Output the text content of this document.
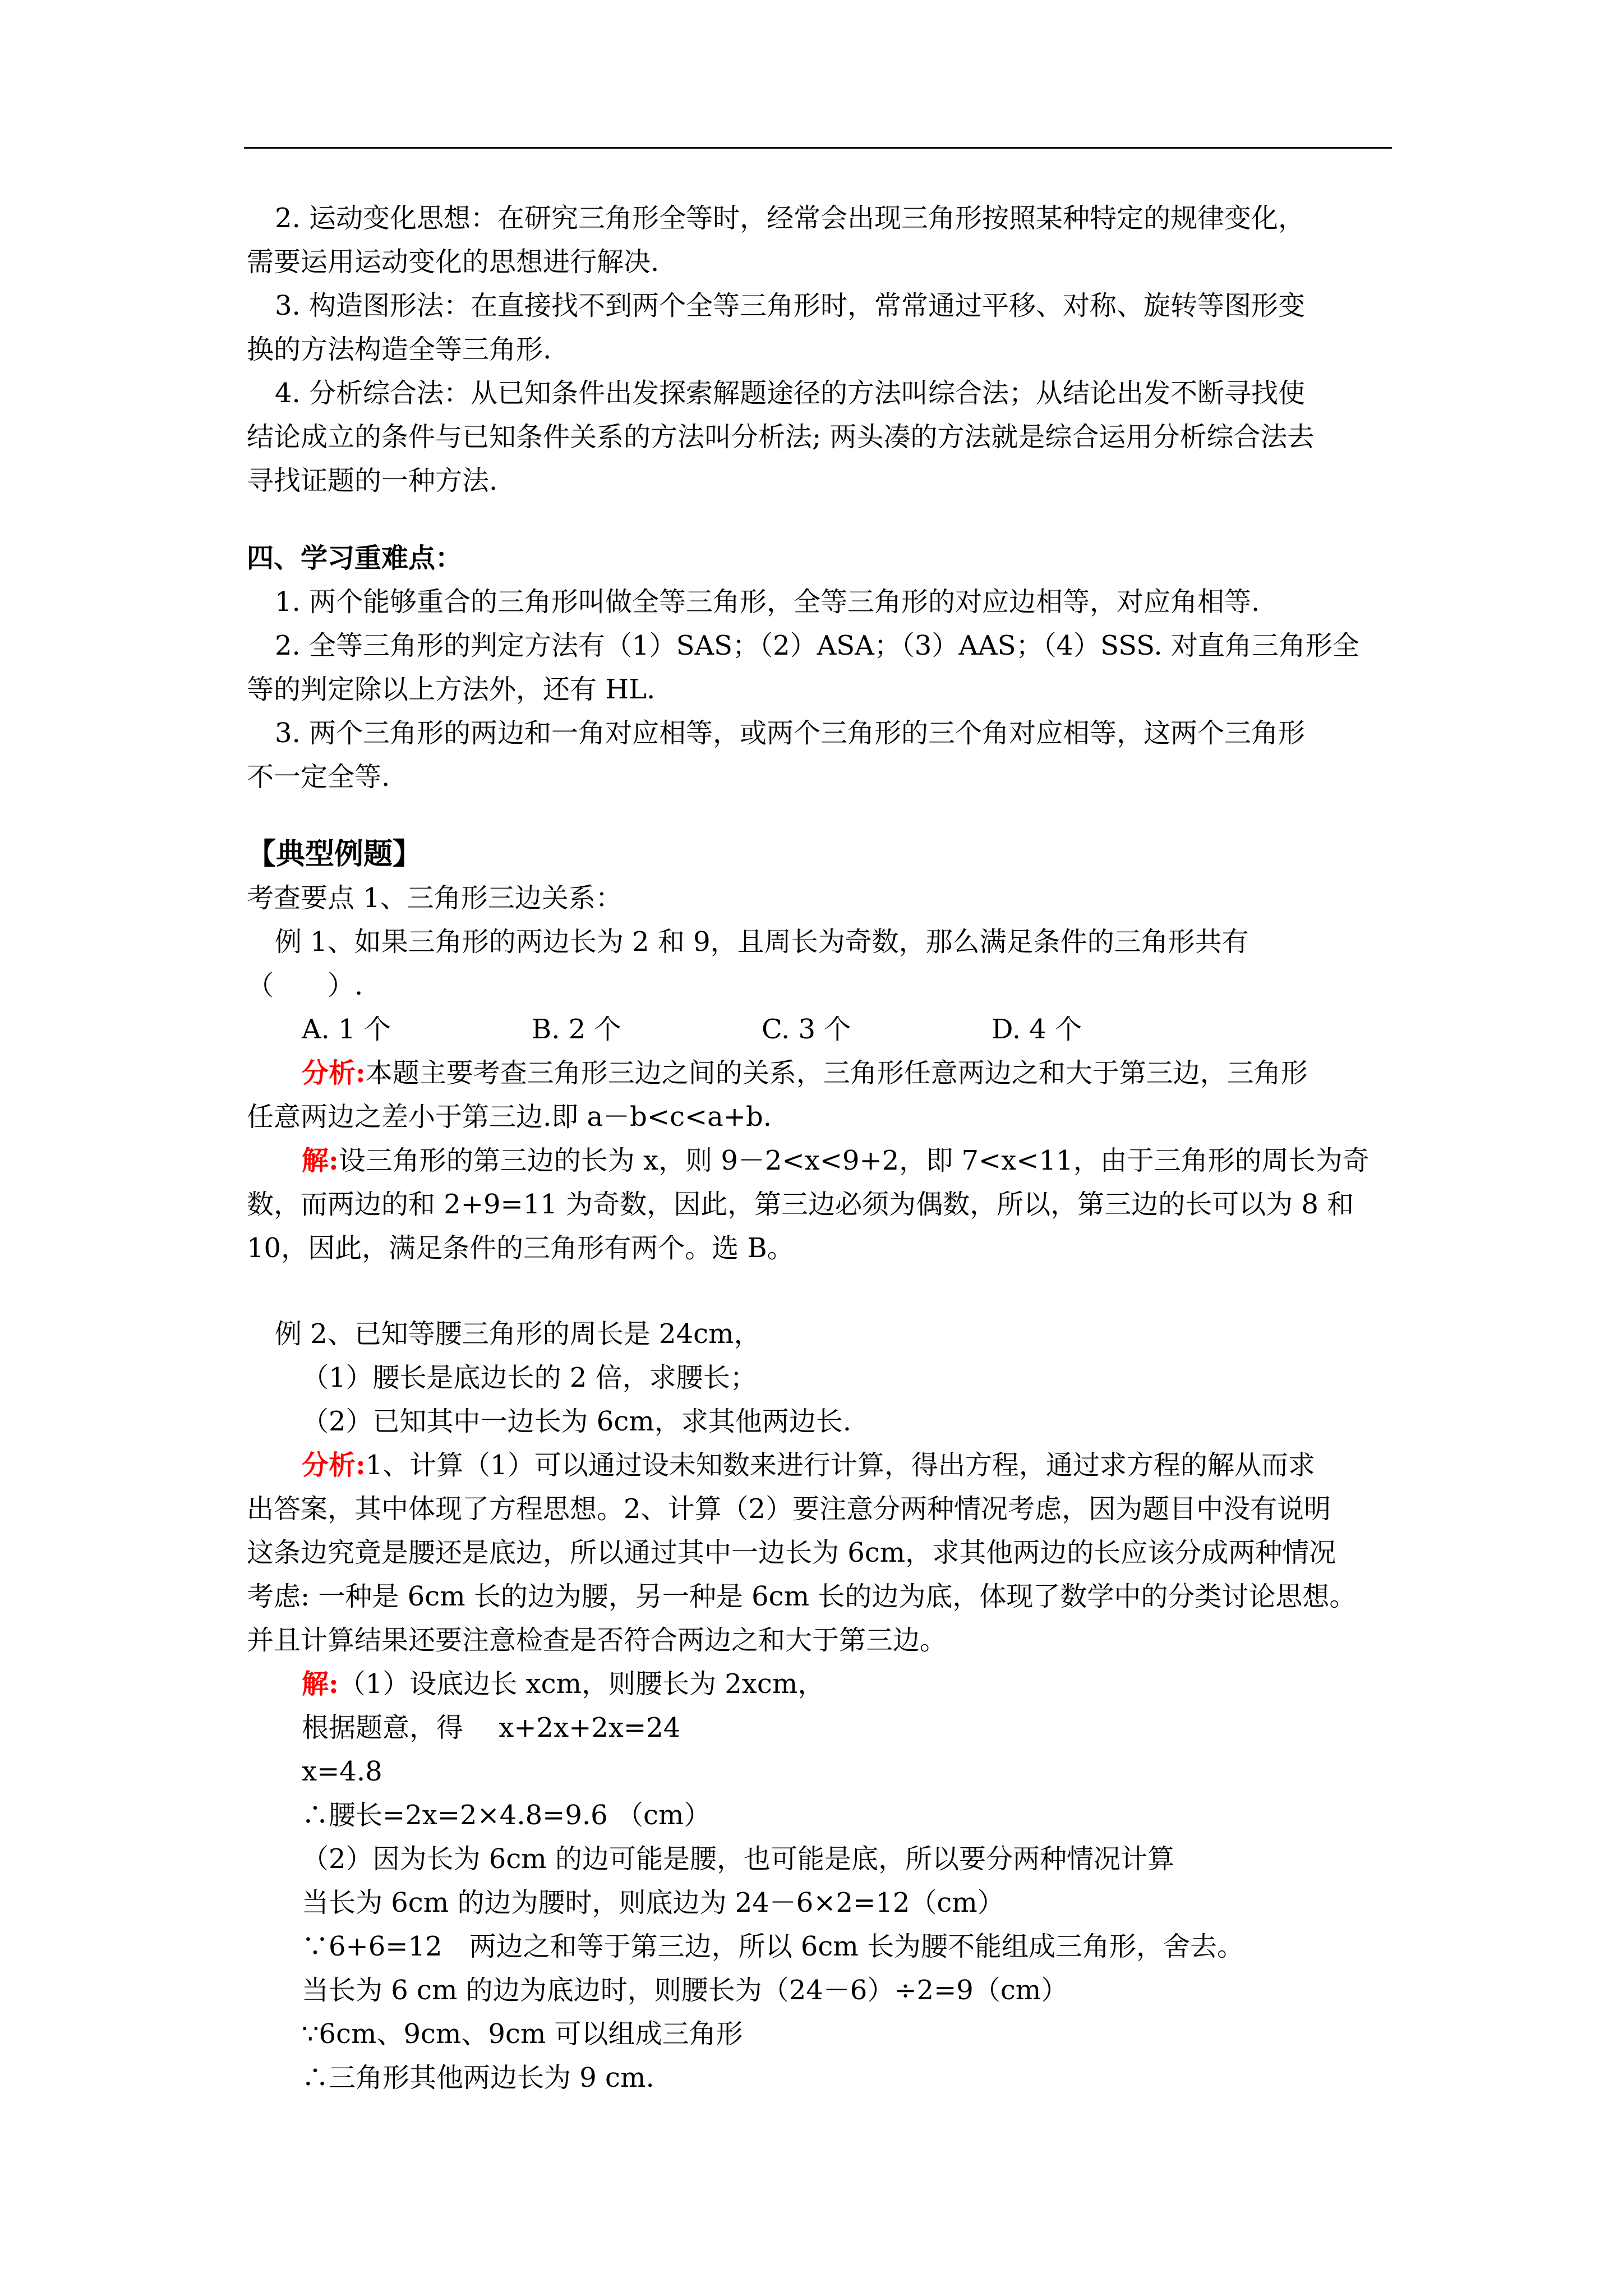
2. 运动变化思想：在研究三角形全等时，经常会出现三角形按照某种特定的规律变化，
需要运用运动变化的思想进行解决.
3. 构造图形法：在直接找不到两个全等三角形时，常常通过平移、对称、旋转等图形变
换的方法构造全等三角形.
4. 分析综合法：从已知条件出发探索解题途径的方法叫综合法；从结论出发不断寻找使
结论成立的条件与已知条件关系的方法叫分析法; 两头凑的方法就是综合运用分析综合法去
寻找证题的一种方法.
四、学习重难点：
1. 两个能够重合的三角形叫做全等三角形，全等三角形的对应边相等，对应角相等.
2. 全等三角形的判定方法有（1）SAS；（2）ASA；（3）AAS；（4）SSS. 对直角三角形全
等的判定除以上方法外，还有 HL.
3. 两个三角形的两边和一角对应相等，或两个三角形的三个角对应相等，这两个三角形
不一定全等.
【典型例题】
考查要点 1、三角形三边关系：
例 1、如果三角形的两边长为 2 和 9，且周长为奇数，那么满足条件的三角形共有
（　　）.
A. 1 个	B. 2 个	C. 3 个	D. 4 个
分析:本题主要考查三角形三边之间的关系，三角形任意两边之和大于第三边，三角形
任意两边之差小于第三边.即 a－b<c<a+b.
解:设三角形的第三边的长为 x，则 9－2<x<9+2，即 7<x<11，由于三角形的周长为奇
数，而两边的和 2+9=11 为奇数，因此，第三边必须为偶数，所以，第三边的长可以为 8 和
10，因此，满足条件的三角形有两个。选 B。
例 2、已知等腰三角形的周长是 24cm，
（1）腰长是底边长的 2 倍，求腰长；
（2）已知其中一边长为 6cm，求其他两边长.
分析:1、计算（1）可以通过设未知数来进行计算，得出方程，通过求方程的解从而求
出答案，其中体现了方程思想。2、计算（2）要注意分两种情况考虑，因为题目中没有说明
这条边究竟是腰还是底边，所以通过其中一边长为 6cm，求其他两边的长应该分成两种情况
考虑: 一种是 6cm 长的边为腰，另一种是 6cm 长的边为底，体现了数学中的分类讨论思想。
并且计算结果还要注意检查是否符合两边之和大于第三边。
解:（1）设底边长 xcm，则腰长为 2xcm，
根据题意，得　 x+2x+2x=24
x=4.8
∴腰长=2x=2×4.8=9.6 （cm）
（2）因为长为 6cm 的边可能是腰，也可能是底，所以要分两种情况计算
当长为 6cm 的边为腰时，则底边为 24－6×2=12（cm）
∵6+6=12　两边之和等于第三边，所以 6cm 长为腰不能组成三角形，舍去。
当长为 6 cm 的边为底边时，则腰长为（24－6）÷2=9（cm）
∵6cm、9cm、9cm 可以组成三角形
∴三角形其他两边长为 9 cm.
